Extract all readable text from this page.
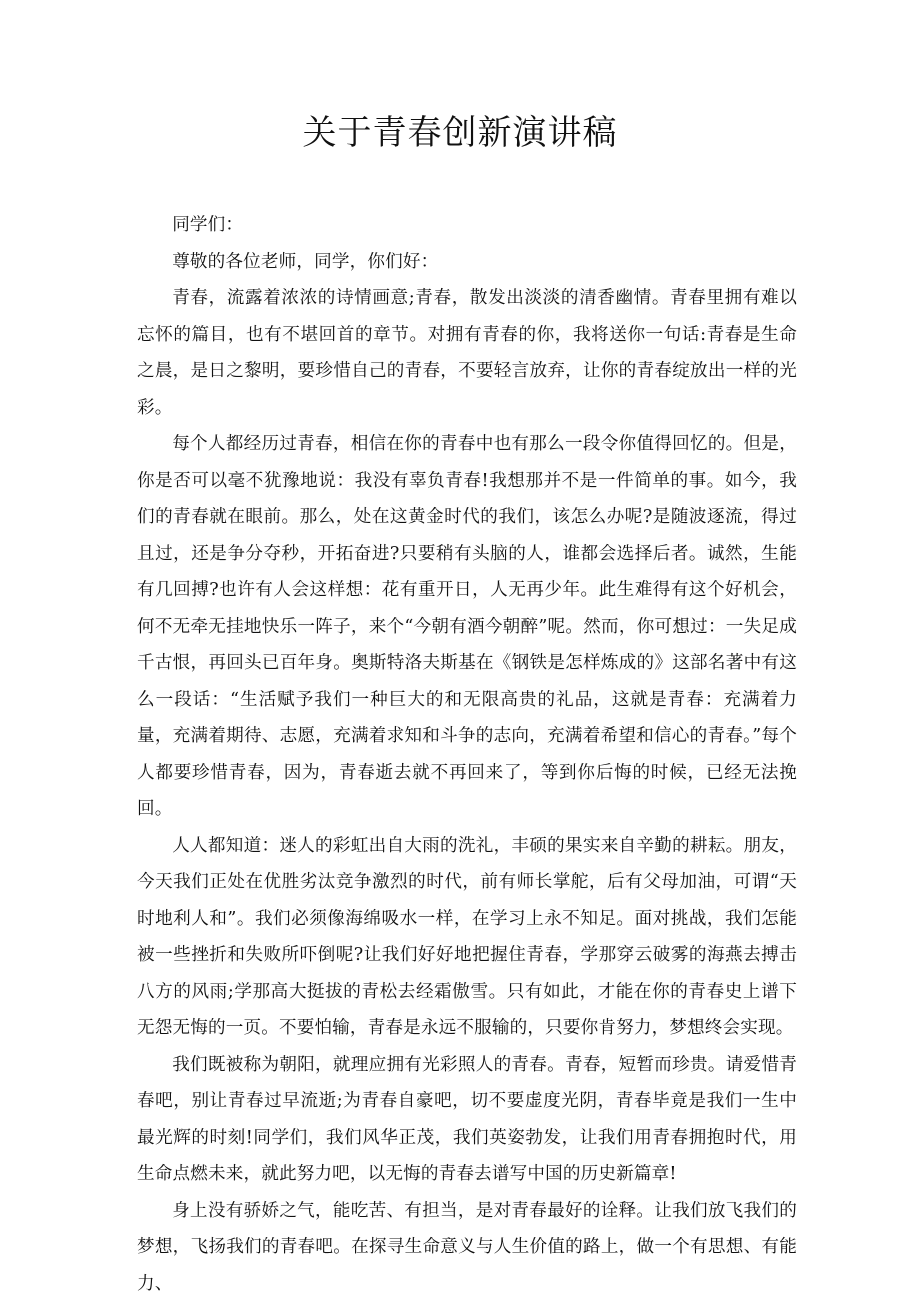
关于青春创新演讲稿

同学们：

尊敬的各位老师，同学，你们好：

青春，流露着浓浓的诗情画意;青春，散发出淡淡的清香幽情。青春里拥有难以忘怀的篇目，也有不堪回首的章节。对拥有青春的你，我将送你一句话:青春是生命之晨，是日之黎明，要珍惜自己的青春，不要轻言放弃，让你的青春绽放出一样的光彩。

每个人都经历过青春，相信在你的青春中也有那么一段令你值得回忆的。但是，你是否可以毫不犹豫地说：我没有辜负青春!我想那并不是一件简单的事。如今，我们的青春就在眼前。那么，处在这黄金时代的我们，该怎么办呢?是随波逐流，得过且过，还是争分夺秒，开拓奋进?只要稍有头脑的人，谁都会选择后者。诚然，生能有几回搏?也许有人会这样想：花有重开日，人无再少年。此生难得有这个好机会，何不无牵无挂地快乐一阵子，来个“今朝有酒今朝醉”呢。然而，你可想过：一失足成千古恨，再回头已百年身。奥斯特洛夫斯基在《钢铁是怎样炼成的》这部名著中有这么一段话：“生活赋予我们一种巨大的和无限高贵的礼品，这就是青春：充满着力量，充满着期待、志愿，充满着求知和斗争的志向，充满着希望和信心的青春。”每个人都要珍惜青春，因为，青春逝去就不再回来了，等到你后悔的时候，已经无法挽回。

人人都知道：迷人的彩虹出自大雨的洗礼，丰硕的果实来自辛勤的耕耘。朋友，今天我们正处在优胜劣汰竞争激烈的时代，前有师长掌舵，后有父母加油，可谓“天时地利人和”。我们必须像海绵吸水一样，在学习上永不知足。面对挑战，我们怎能被一些挫折和失败所吓倒呢?让我们好好地把握住青春，学那穿云破雾的海燕去搏击八方的风雨;学那高大挺拔的青松去经霜傲雪。只有如此，才能在你的青春史上谱下无怨无悔的一页。不要怕输，青春是永远不服输的，只要你肯努力，梦想终会实现。

我们既被称为朝阳，就理应拥有光彩照人的青春。青春，短暂而珍贵。请爱惜青春吧，别让青春过早流逝;为青春自豪吧，切不要虚度光阴，青春毕竟是我们一生中最光辉的时刻!同学们，我们风华正茂，我们英姿勃发，让我们用青春拥抱时代，用生命点燃未来，就此努力吧，以无悔的青春去谱写中国的历史新篇章!

身上没有骄娇之气，能吃苦、有担当，是对青春最好的诠释。让我们放飞我们的梦想，飞扬我们的青春吧。在探寻生命意义与人生价值的路上，做一个有思想、有能力、
